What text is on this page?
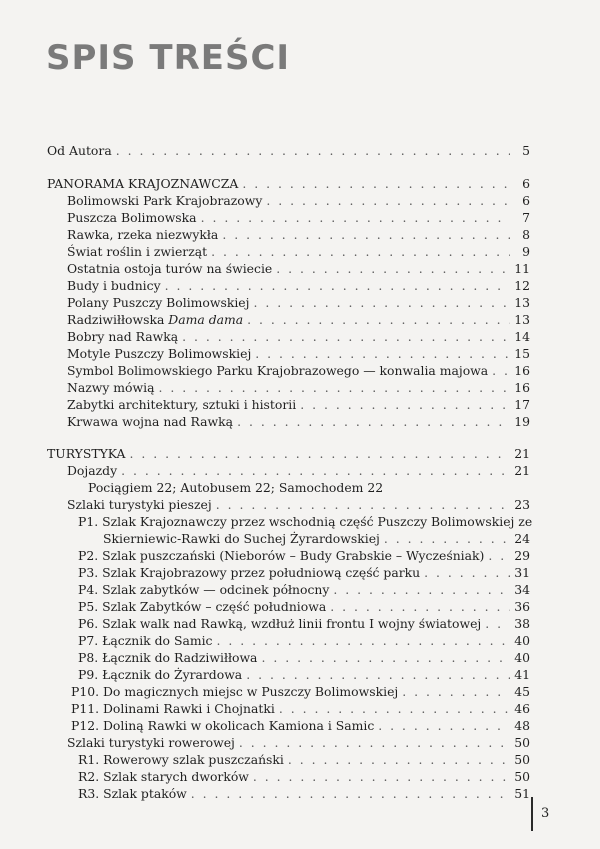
SPIS TREŚCI
Od Autora . . .	5
PANORAMA KRAJOZNAWCZA . . .	6
Bolimowski Park Krajobrazowy . . .	6
Puszcza Bolimowska . . .	7
Rawka, rzeka niezwykła . . .	8
Świat roślin i zwierząt . . .	9
Ostatnia ostoja turów na świecie . . .	11
Budy i budnicy . . .	12
Polany Puszczy Bolimowskiej . . .	13
Radziwiłłowska Dama dama . . .	13
Bobry nad Rawką . . .	14
Motyle Puszczy Bolimowskiej . . .	15
Symbol Bolimowskiego Parku Krajobrazowego — konwalia majowa . . . 16
Nazwy mówią . . .	16
Zabytki architektury, sztuki i historii . . .	17
Krwawa wojna nad Rawką . . .	19
TURYSTYKA . . .	21
Dojazdy . . .	21
Pociągiem 22; Autobusem 22; Samochodem 22
Szlaki turystyki pieszej . . .	23
P1. Szlak Krajoznawczy przez wschodnią część Puszczy Bolimowskiej ze
Skierniewic-Rawki do Suchej Żyrardowskiej . . .	24
P2. Szlak puszczański (Nieborów – Budy Grabskie – Wycześniak) . . . 29
P3. Szlak Krajobrazowy przez południową część parku . . .	31
P4. Szlak zabytków — odcinek północny . . .	34
P5. Szlak Zabytków – część południowa . . .	36
P6. Szlak walk nad Rawką, wzdłuż linii frontu I wojny światowej . . .	38
P7. Łącznik do Samic . . .	40
P8. Łącznik do Radziwiłłowa . . .	40
P9. Łącznik do Żyrardowa . . .	41
P10. Do magicznych miejsc w Puszczy Bolimowskiej . . .	45
P11. Dolinami Rawki i Chojnatki . . .	46
P12. Doliną Rawki w okolicach Kamiona i Samic . . .	48
Szlaki turystyki rowerowej . . .	50
R1. Rowerowy szlak puszczański . . .	50
R2. Szlak starych dworków . . .	50
R3. Szlak ptaków . . .	51
3
